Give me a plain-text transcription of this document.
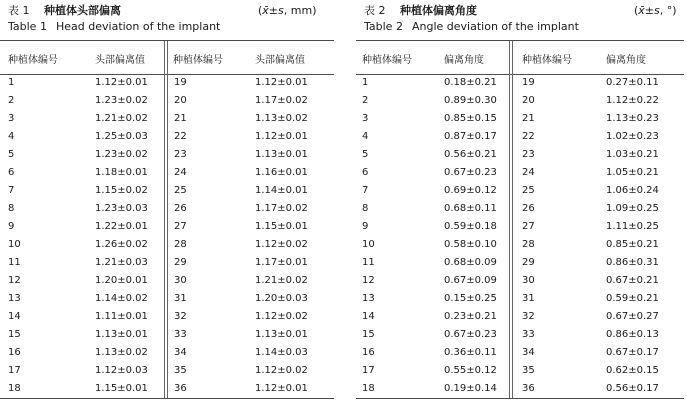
表 1 种植体头部偏离
Table 1 Head deviation of the implant
(x̄±s, mm)
种植体编号	头部偏离值	种植体编号	头部偏离值
1	1.12±0.01	19	1.12±0.01
2	1.23±0.02	20	1.17±0.02
3	1.21±0.02	21	1.13±0.02
4	1.25±0.03	22	1.12±0.01
5	1.23±0.02	23	1.13±0.01
6	1.18±0.01	24	1.16±0.01
7	1.15±0.02	25	1.14±0.01
8	1.23±0.03	26	1.17±0.02
9	1.22±0.01	27	1.15±0.01
10	1.26±0.02	28	1.12±0.02
11	1.21±0.03	29	1.17±0.01
12	1.20±0.01	30	1.21±0.02
13	1.14±0.02	31	1.20±0.03
14	1.11±0.01	32	1.12±0.02
15	1.13±0.01	33	1.13±0.01
16	1.13±0.02	34	1.14±0.03
17	1.12±0.03	35	1.12±0.02
18	1.15±0.01	36	1.12±0.01
表 2 种植体偏离角度
Table 2 Angle deviation of the implant
(x̄±s, °)
种植体编号	偏离角度	种植体编号	偏离角度
1	0.18±0.21	19	0.27±0.11
2	0.89±0.30	20	1.12±0.22
3	0.85±0.15	21	1.13±0.23
4	0.87±0.17	22	1.02±0.23
5	0.56±0.21	23	1.03±0.21
6	0.67±0.23	24	1.05±0.21
7	0.69±0.12	25	1.06±0.24
8	0.68±0.11	26	1.09±0.25
9	0.59±0.18	27	1.11±0.25
10	0.58±0.10	28	0.85±0.21
11	0.68±0.09	29	0.86±0.31
12	0.67±0.09	30	0.67±0.21
13	0.15±0.25	31	0.59±0.21
14	0.23±0.21	32	0.67±0.27
15	0.67±0.23	33	0.86±0.13
16	0.36±0.11	34	0.67±0.17
17	0.55±0.12	35	0.62±0.15
18	0.19±0.14	36	0.56±0.17
